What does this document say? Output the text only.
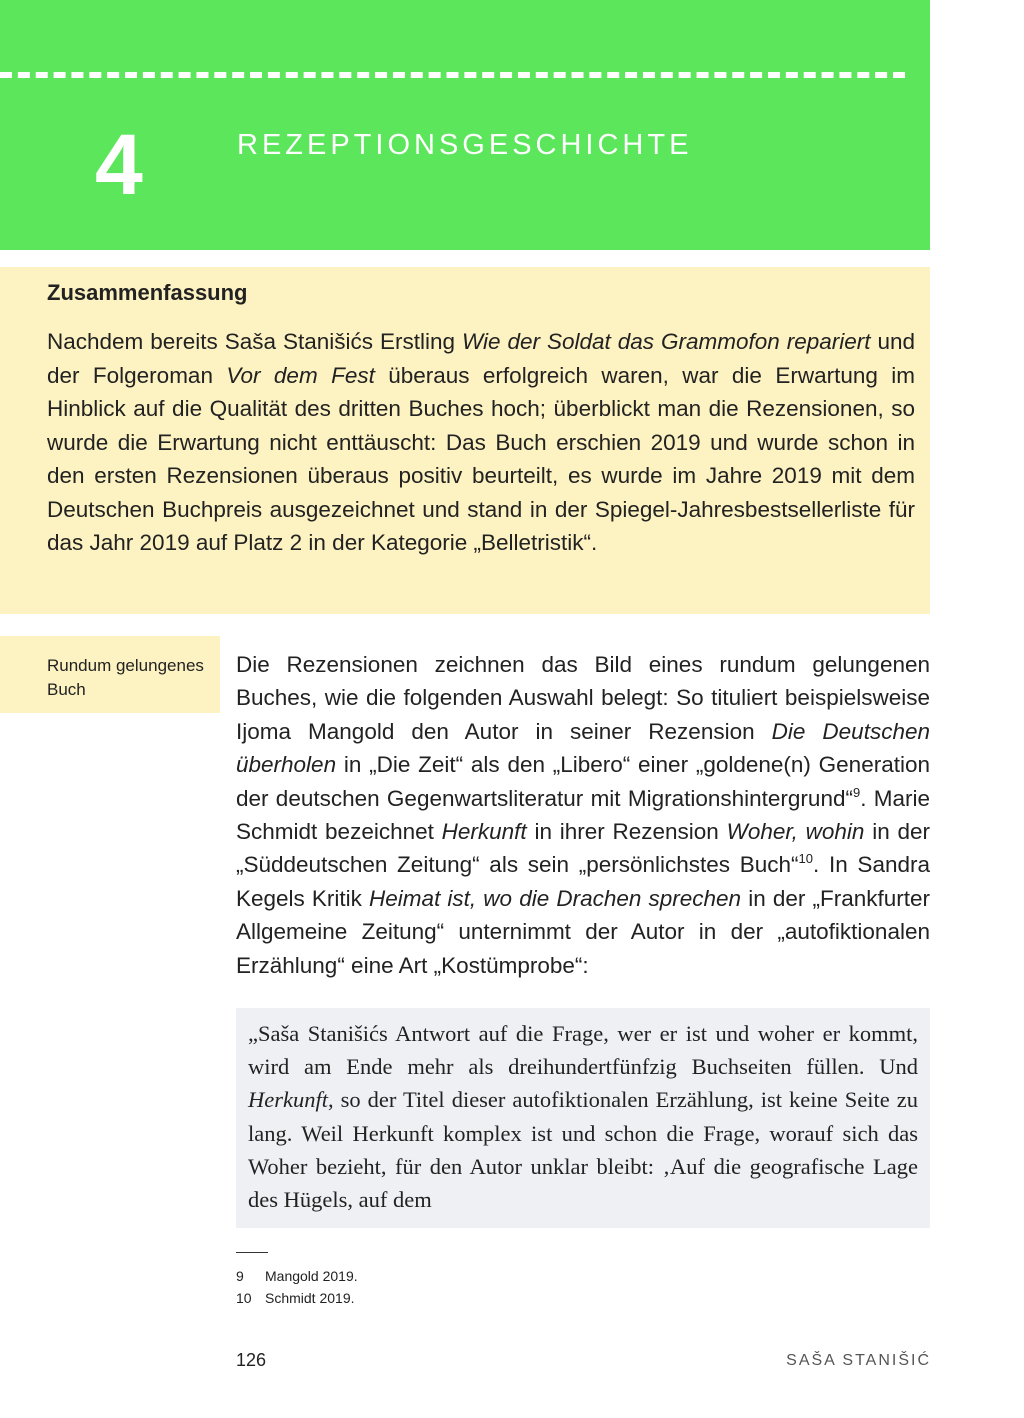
4	REZEPTIONSGESCHICHTE
Zusammenfassung
Nachdem bereits Saša Stanišićs Erstling Wie der Soldat das Grammofon repariert und der Folgeroman Vor dem Fest überaus erfolgreich waren, war die Erwartung im Hinblick auf die Qualität des dritten Buches hoch; überblickt man die Rezensionen, so wurde die Erwartung nicht enttäuscht: Das Buch erschien 2019 und wurde schon in den ersten Rezensionen überaus positiv beurteilt, es wurde im Jahre 2019 mit dem Deutschen Buchpreis ausgezeichnet und stand in der Spiegel-Jahresbestsellerliste für das Jahr 2019 auf Platz 2 in der Kategorie „Belletristik“.
Rundum gelungenes Buch
Die Rezensionen zeichnen das Bild eines rundum gelungenen Buches, wie die folgenden Auswahl belegt: So tituliert beispielsweise Ijoma Mangold den Autor in seiner Rezension Die Deutschen überholen in „Die Zeit“ als den „Libero“ einer „goldene(n) Generation der deutschen Gegenwartsliteratur mit Migrationshintergrund“$^9$. Marie Schmidt bezeichnet Herkunft in ihrer Rezension Woher, wohin in der „Süddeutschen Zeitung“ als sein „persönlichstes Buch“$^{10}$. In Sandra Kegels Kritik Heimat ist, wo die Drachen sprechen in der „Frankfurter Allgemeine Zeitung“ unternimmt der Autor in der „autofiktionalen Erzählung“ eine Art „Kostümprobe“:

„Saša Stanišićs Antwort auf die Frage, wer er ist und woher er kommt, wird am Ende mehr als dreihundertfünfzig Buchseiten füllen. Und Herkunft, so der Titel dieser autofiktionalen Erzählung, ist keine Seite zu lang. Weil Herkunft komplex ist und schon die Frage, worauf sich das Woher bezieht, für den Autor unklar bleibt: ‚Auf die geografische Lage des Hügels, auf dem

9 Mangold 2019.
10 Schmidt 2019.
126	SAŠA STANIŠIĆ
